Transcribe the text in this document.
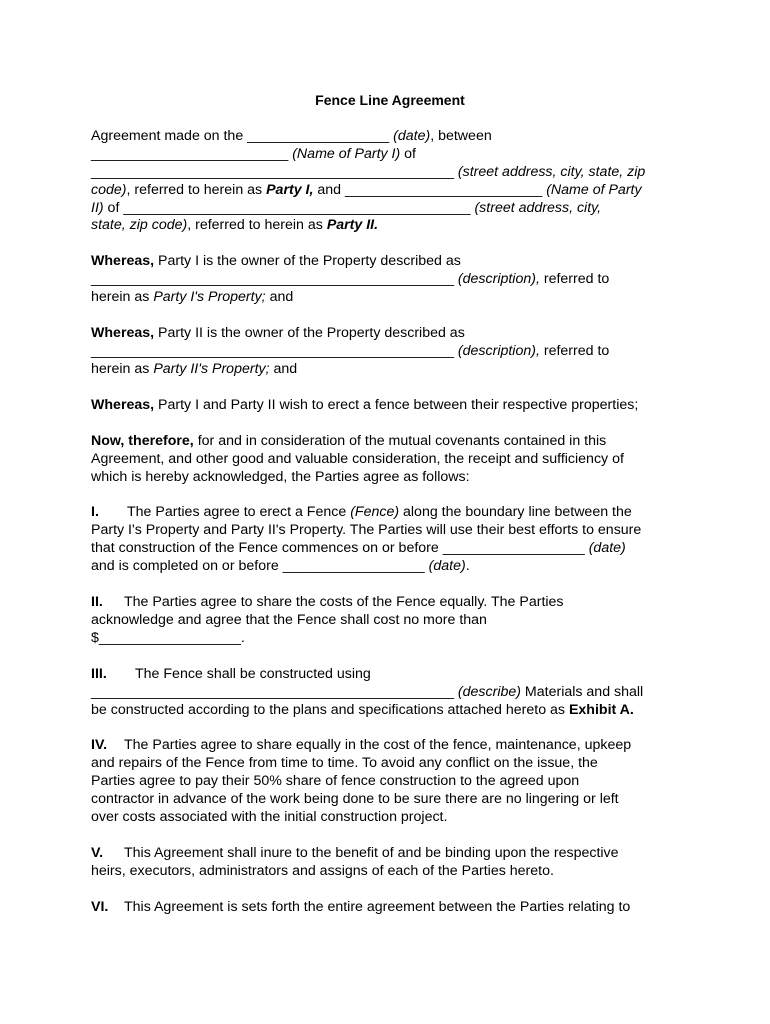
Fence Line Agreement

Agreement made on the __________________ (date), between
_________________________ (Name of Party I) of
______________________________________________ (street address, city, state, zip
code), referred to herein as Party I, and _________________________ (Name of Party
II) of ____________________________________________ (street address, city,
state, zip code), referred to herein as Party II.

Whereas, Party I is the owner of the Property described as
______________________________________________ (description), referred to
herein as Party I's Property; and

Whereas, Party II is the owner of the Property described as
______________________________________________ (description), referred to
herein as Party II's Property; and

Whereas, Party I and Party II wish to erect a fence between their respective properties;

Now, therefore, for and in consideration of the mutual covenants contained in this
Agreement, and other good and valuable consideration, the receipt and sufficiency of
which is hereby acknowledged, the Parties agree as follows:

I. The Parties agree to erect a Fence (Fence) along the boundary line between the
Party I's Property and Party II's Property. The Parties will use their best efforts to ensure
that construction of the Fence commences on or before __________________ (date)
and is completed on or before __________________ (date).

II. The Parties agree to share the costs of the Fence equally. The Parties
acknowledge and agree that the Fence shall cost no more than
$__________________.

III. The Fence shall be constructed using
______________________________________________ (describe) Materials and shall
be constructed according to the plans and specifications attached hereto as Exhibit A.

IV. The Parties agree to share equally in the cost of the fence, maintenance, upkeep
and repairs of the Fence from time to time. To avoid any conflict on the issue, the
Parties agree to pay their 50% share of fence construction to the agreed upon
contractor in advance of the work being done to be sure there are no lingering or left
over costs associated with the initial construction project.

V. This Agreement shall inure to the benefit of and be binding upon the respective
heirs, executors, administrators and assigns of each of the Parties hereto.

VI. This Agreement is sets forth the entire agreement between the Parties relating to
